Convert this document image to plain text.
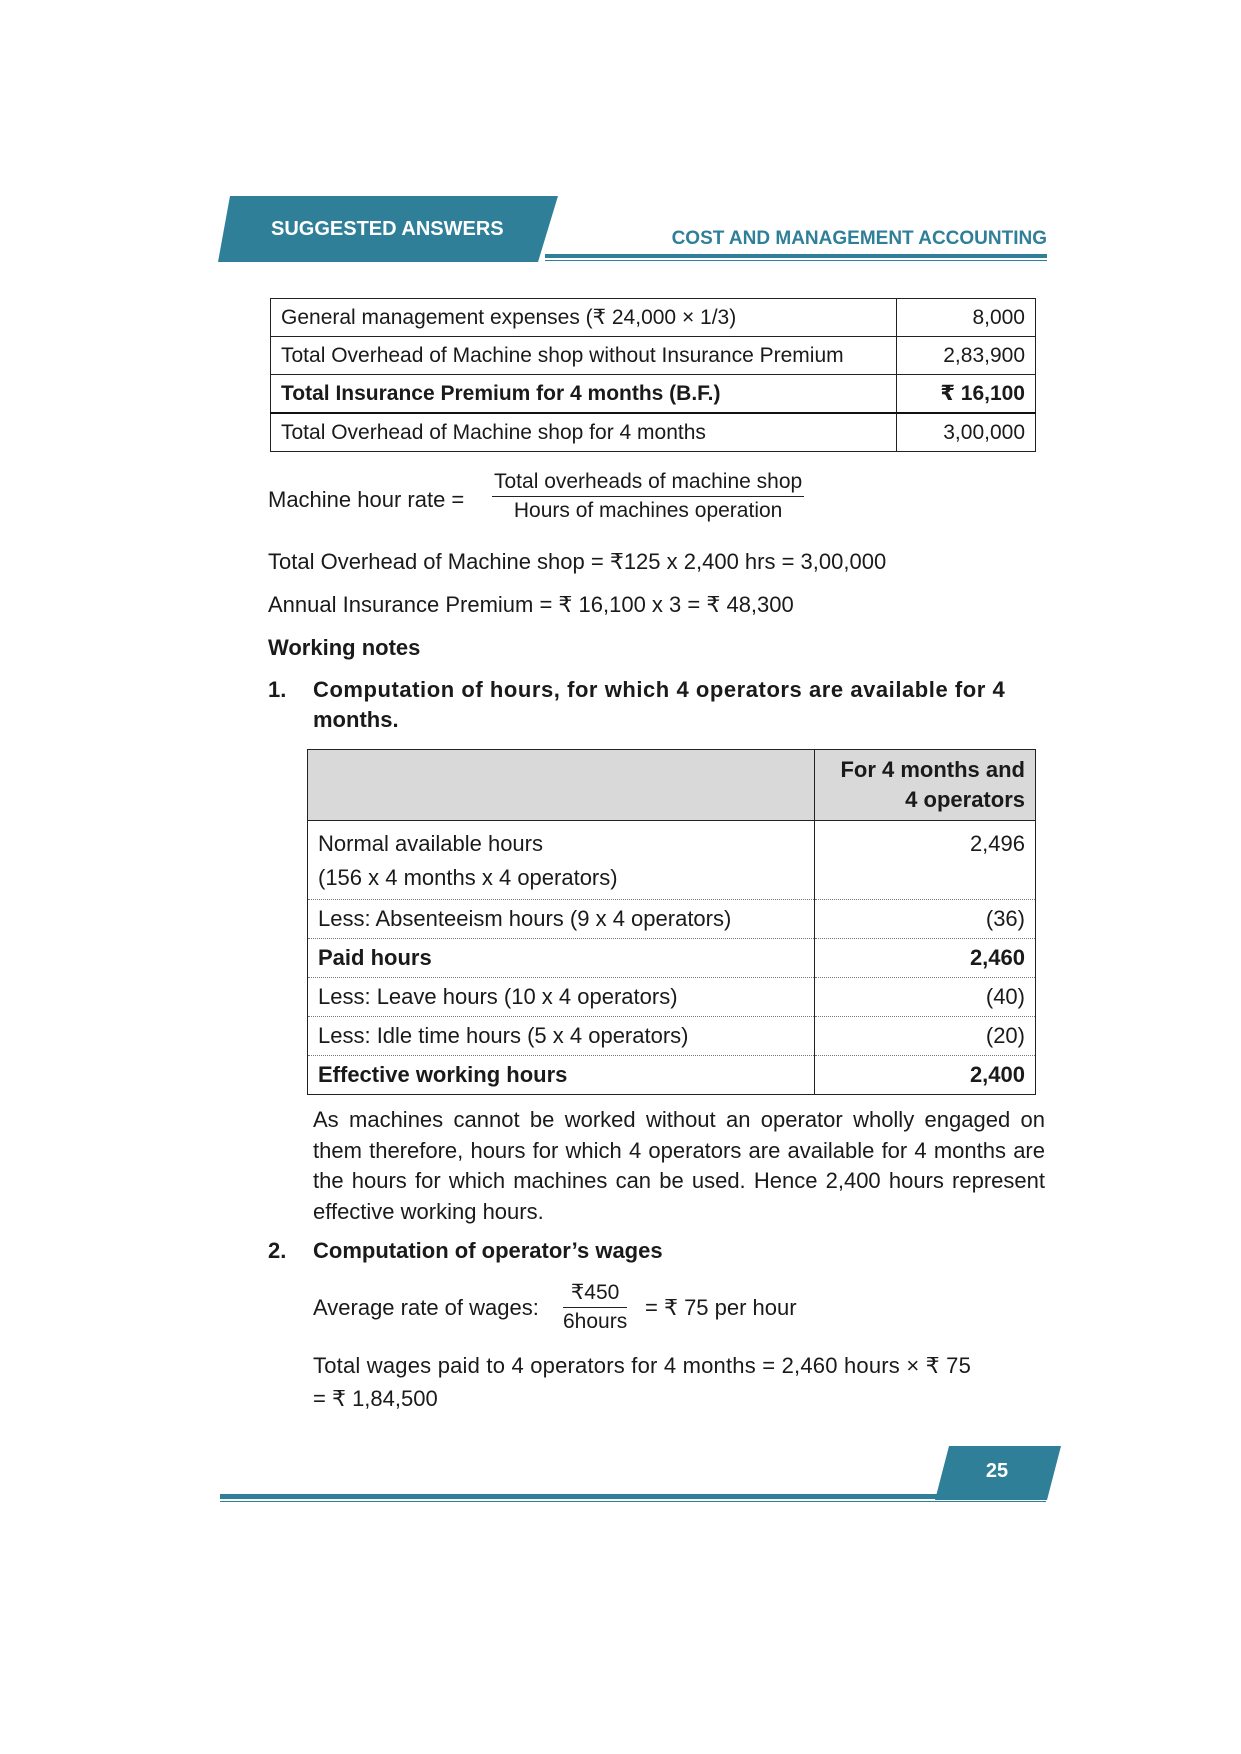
SUGGESTED ANSWERS	COST AND MANAGEMENT ACCOUNTING
General management expenses (₹ 24,000 × 1/3)	8,000
Total Overhead of Machine shop without Insurance Premium	2,83,900
Total Insurance Premium for 4 months (B.F.)	₹ 16,100
Total Overhead of Machine shop for 4 months	3,00,000
Machine hour rate = $\frac{\text{Total overheads of machine shop}}{\text{Hours of machines operation}}$
Total Overhead of Machine shop = ₹125 x 2,400 hrs = 3,00,000
Annual Insurance Premium = ₹ 16,100 x 3 = ₹ 48,300
Working notes
1. Computation of hours, for which 4 operators are available for 4
months.

	For 4 months and
4 operators

Normal available hours
(156 x 4 months x 4 operators)	2,496
Less: Absenteeism hours (9 x 4 operators)	(36)
Paid hours	2,460
Less: Leave hours (10 x 4 operators)	(40)
Less: Idle time hours (5 x 4 operators)	(20)
Effective working hours	2,400
As machines cannot be worked without an operator wholly engaged on them therefore, hours for which 4 operators are available for 4 months are the hours for which machines can be used. Hence 2,400 hours represent effective working hours.
2. Computation of operator’s wages
Average rate of wages: $\frac{₹450}{\text{6hours}}$ = ₹ 75 per hour
Total wages paid to 4 operators for 4 months = 2,460 hours × ₹ 75
= ₹ 1,84,500
25
